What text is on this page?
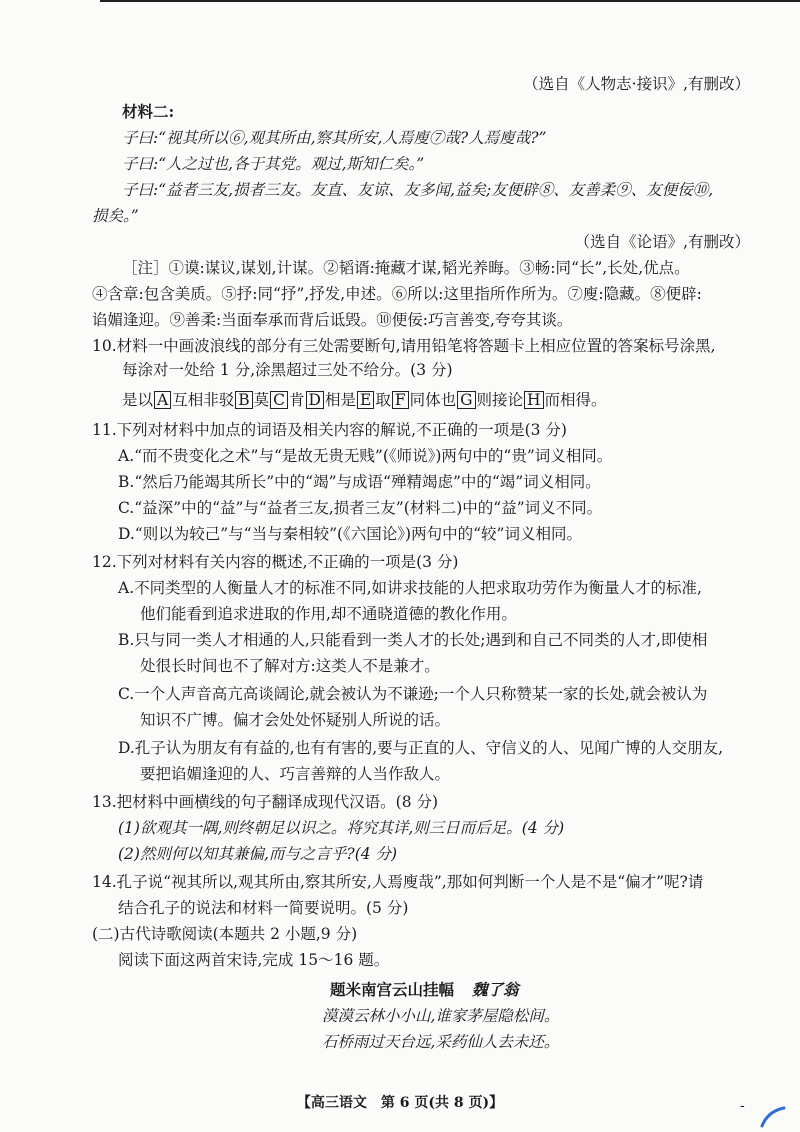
（选自《人物志·接识》,有删改）
材料二:
子曰:“视其所以⑥,观其所由,察其所安,人焉廋⑦哉?人焉廋哉?”
子曰:“人之过也,各于其党。观过,斯知仁矣。”
子曰:“益者三友,损者三友。友直、友谅、友多闻,益矣;友便辟⑧、友善柔⑨、友便佞⑩,
损矣。”
（选自《论语》,有删改）
［注］①谟:谋议,谋划,计谋。②韬谞:掩藏才谋,韬光养晦。③畅:同“长”,长处,优点。
④含章:包含美质。⑤抒:同“抒”,抒发,申述。⑥所以:这里指所作所为。⑦廋:隐藏。⑧便辟:
谄媚逢迎。⑨善柔:当面奉承而背后诋毁。⑩便佞:巧言善变,夸夸其谈。
10.材料一中画波浪线的部分有三处需要断句,请用铅笔将答题卡上相应位置的答案标号涂黑,
每涂对一处给 1 分,涂黑超过三处不给分。(3 分)
是以 A 互相非驳 B 莫 C 肯 D 相是 E 取 F 同体也 G 则接论 H 而相得。
11.下列对材料中加点的词语及相关内容的解说,不正确的一项是(3 分)
A.“而不贵变化之术”与“是故无贵无贱”(《师说》)两句中的“贵”词义相同。
B.“然后乃能竭其所长”中的“竭”与成语“殚精竭虑”中的“竭”词义相同。
C.“益深”中的“益”与“益者三友,损者三友”(材料二)中的“益”词义不同。
D.“则以为较己”与“当与秦相较”(《六国论》)两句中的“较”词义相同。
12.下列对材料有关内容的概述,不正确的一项是(3 分)
A.不同类型的人衡量人才的标准不同,如讲求技能的人把求取功劳作为衡量人才的标准,
他们能看到追求进取的作用,却不通晓道德的教化作用。
B.只与同一类人才相通的人,只能看到一类人才的长处;遇到和自己不同类的人才,即使相
处很长时间也不了解对方:这类人不是兼才。
C.一个人声音高亢高谈阔论,就会被认为不谦逊;一个人只称赞某一家的长处,就会被认为
知识不广博。偏才会处处怀疑别人所说的话。
D.孔子认为朋友有有益的,也有有害的,要与正直的人、守信义的人、见闻广博的人交朋友,
要把谄媚逢迎的人、巧言善辩的人当作敌人。
13.把材料中画横线的句子翻译成现代汉语。(8 分)
(1)欲观其一隅,则终朝足以识之。将究其详,则三日而后足。(4 分)
(2)然则何以知其兼偏,而与之言乎?(4 分)
14.孔子说“视其所以,观其所由,察其所安,人焉廋哉”,那如何判断一个人是不是“偏才”呢?请
结合孔子的说法和材料一简要说明。(5 分)
(二)古代诗歌阅读(本题共 2 小题,9 分)
阅读下面这两首宋诗,完成 15～16 题。
题米南宫云山挂幅 魏了翁
漠漠云林小小山,谁家茅屋隐松间。
石桥雨过天台远,采药仙人去未还。
【高三语文　第 6 页(共 8 页)】	-
